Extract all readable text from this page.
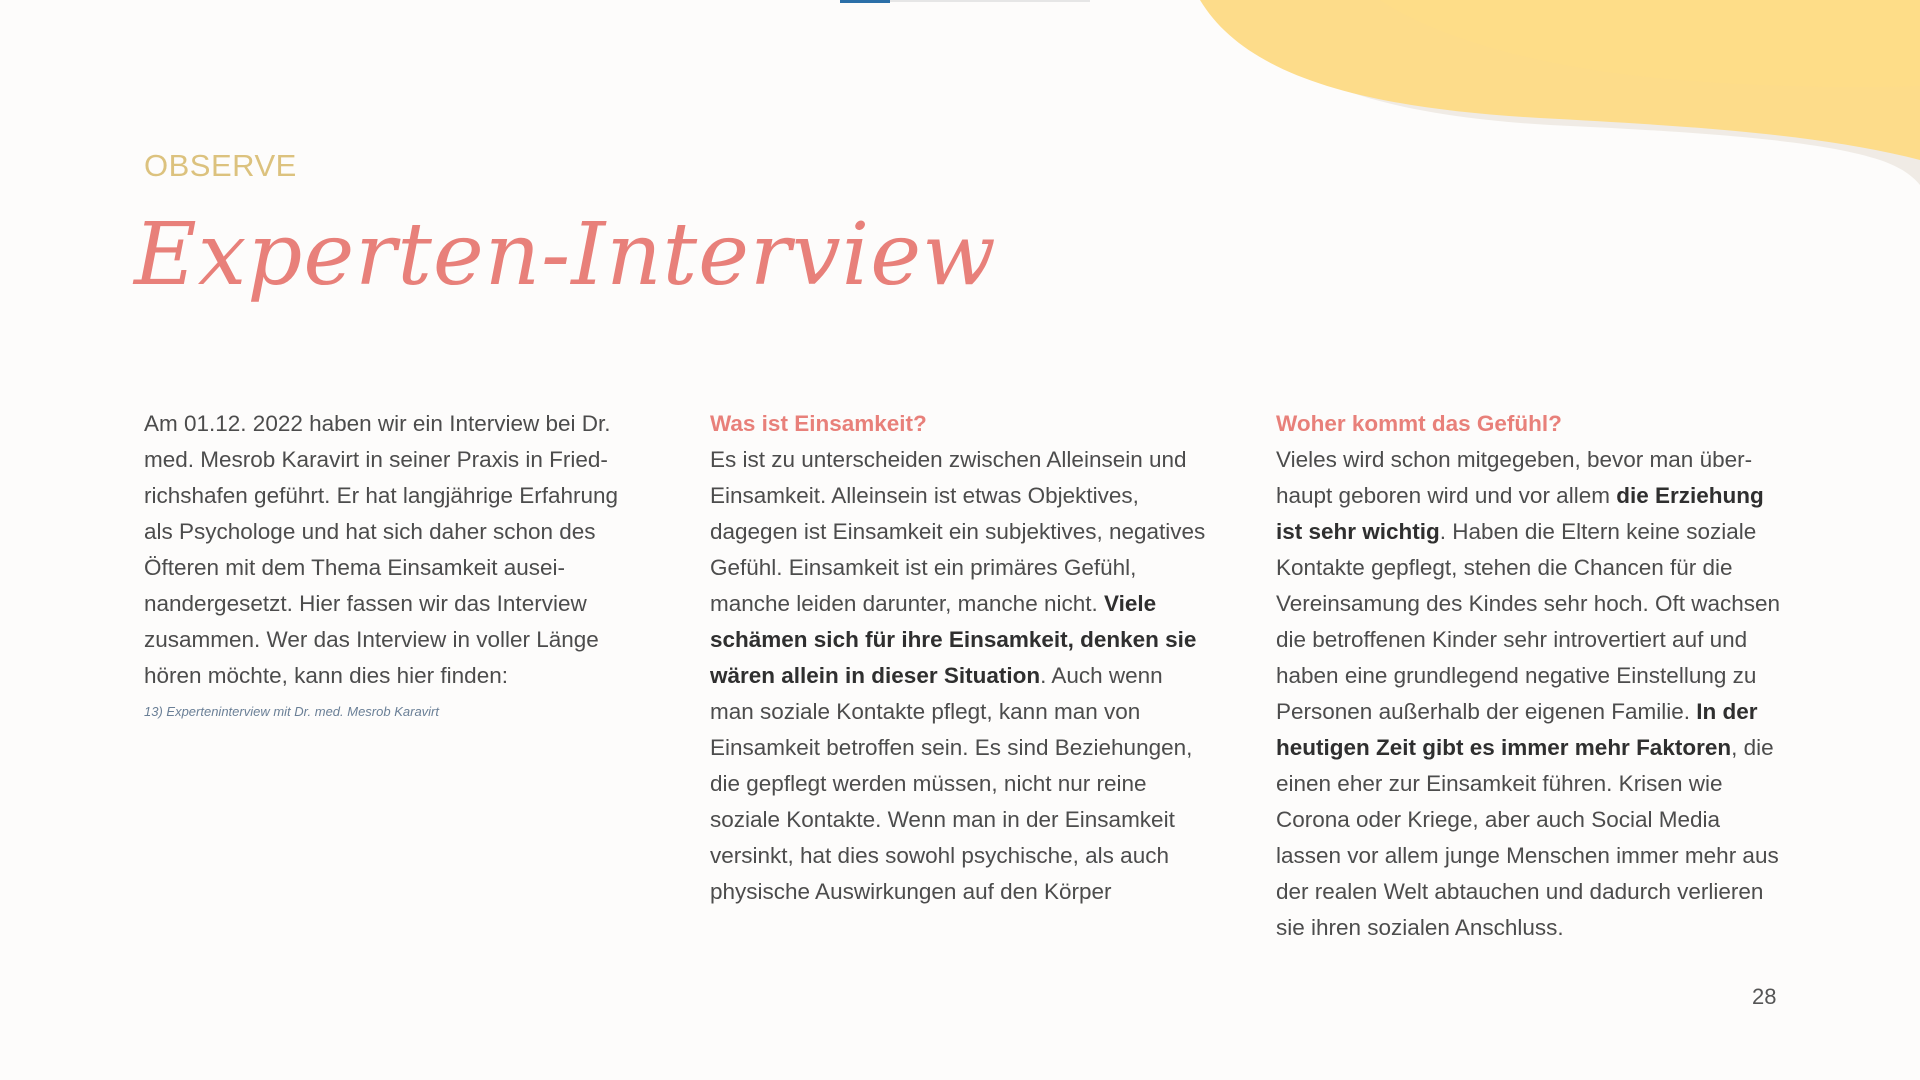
OBSERVE
Experten-Interview

Am 01.12. 2022 haben wir ein Interview bei Dr. med. Mesrob Karavirt in seiner Praxis in Friedrichshafen geführt. Er hat langjährige Erfahrung als Psychologe und hat sich daher schon des Öfteren mit dem Thema Einsamkeit auseinandergesetzt. Hier fassen wir das Interview zusammen. Wer das Interview in voller Länge hören möchte, kann dies hier finden:

13) Experteninterview mit Dr. med. Mesrob Karavirt
Was ist Einsamkeit?

Es ist zu unterscheiden zwischen Alleinsein und Einsamkeit. Alleinsein ist etwas Objektives, dagegen ist Einsamkeit ein subjektives, negatives Gefühl. Einsamkeit ist ein primäres Gefühl, manche leiden darunter, manche nicht. Viele schämen sich für ihre Einsamkeit, denken sie wären allein in dieser Situation. Auch wenn man soziale Kontakte pflegt, kann man von Einsamkeit betroffen sein. Es sind Beziehungen, die gepflegt werden müssen, nicht nur reine soziale Kontakte. Wenn man in der Einsamkeit versinkt, hat dies sowohl psychische, als auch physische Auswirkungen auf den Körper

Woher kommt das Gefühl?

Vieles wird schon mitgegeben, bevor man überhaupt geboren wird und vor allem die Erziehung ist sehr wichtig. Haben die Eltern keine soziale Kontakte gepflegt, stehen die Chancen für die Vereinsamung des Kindes sehr hoch. Oft wachsen die betroffenen Kinder sehr introvertiert auf und haben eine grundlegend negative Einstellung zu Personen außerhalb der eigenen Familie. In der heutigen Zeit gibt es immer mehr Faktoren, die einen eher zur Einsamkeit führen. Krisen wie Corona oder Kriege, aber auch Social Media lassen vor allem junge Menschen immer mehr aus der realen Welt abtauchen und dadurch verlieren sie ihren sozialen Anschluss.

28
